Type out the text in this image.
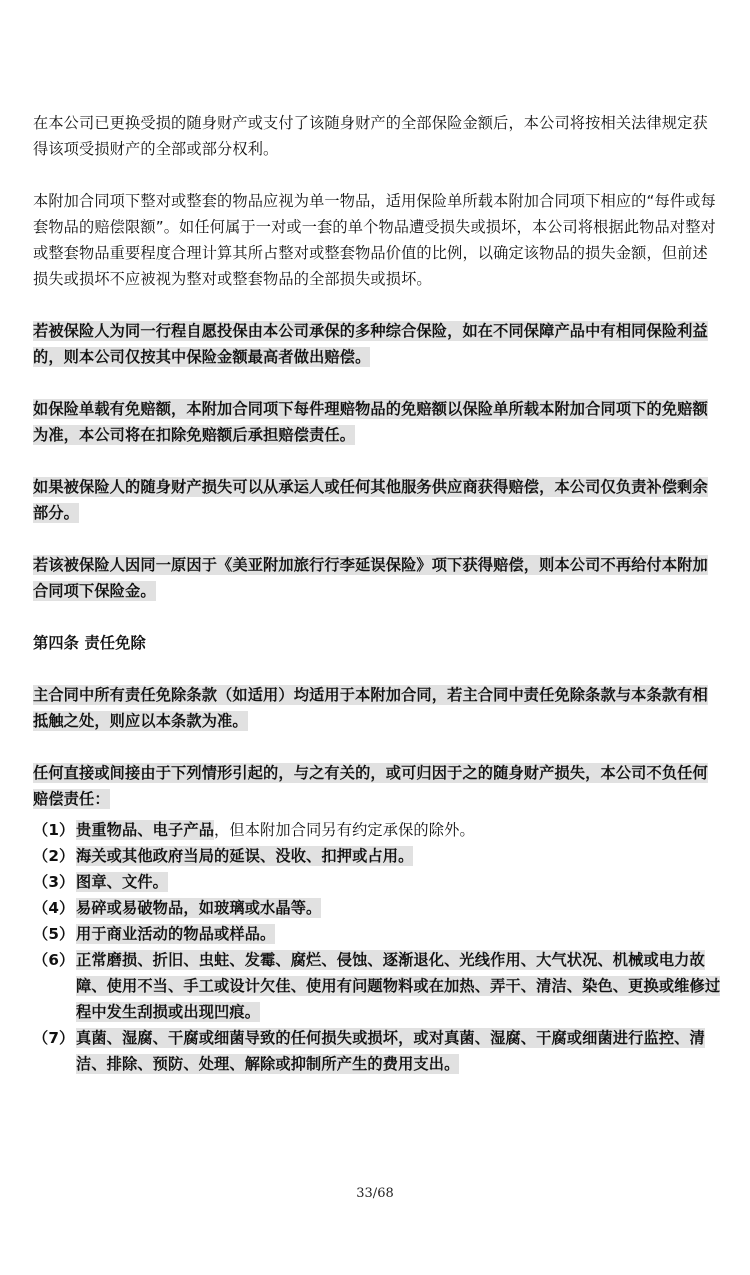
在本公司已更换受损的随身财产或支付了该随身财产的全部保险金额后，本公司将按相关法律规定获得该项受损财产的全部或部分权利。

本附加合同项下整对或整套的物品应视为单一物品，适用保险单所载本附加合同项下相应的“每件或每套物品的赔偿限额”。如任何属于一对或一套的单个物品遭受损失或损坏，本公司将根据此物品对整对或整套物品重要程度合理计算其所占整对或整套物品价值的比例，以确定该物品的损失金额，但前述损失或损坏不应被视为整对或整套物品的全部损失或损坏。

若被保险人为同一行程自愿投保由本公司承保的多种综合保险，如在不同保障产品中有相同保险利益的，则本公司仅按其中保险金额最高者做出赔偿。

如保险单载有免赔额，本附加合同项下每件理赔物品的免赔额以保险单所载本附加合同项下的免赔额为准，本公司将在扣除免赔额后承担赔偿责任。

如果被保险人的随身财产损失可以从承运人或任何其他服务供应商获得赔偿，本公司仅负责补偿剩余部分。

若该被保险人因同一原因于《美亚附加旅行行李延误保险》项下获得赔偿，则本公司不再给付本附加合同项下保险金。

第四条 责任免除

主合同中所有责任免除条款（如适用）均适用于本附加合同，若主合同中责任免除条款与本条款有相抵触之处，则应以本条款为准。

任何直接或间接由于下列情形引起的，与之有关的，或可归因于之的随身财产损失，本公司不负任何赔偿责任：

（1） 贵重物品、电子产品，但本附加合同另有约定承保的除外。
（2） 海关或其他政府当局的延误、没收、扣押或占用。
（3） 图章、文件。
（4） 易碎或易破物品，如玻璃或水晶等。
（5） 用于商业活动的物品或样品。
（6） 正常磨损、折旧、虫蛀、发霉、腐烂、侵蚀、逐渐退化、光线作用、大气状况、机械或电力故障、使用不当、手工或设计欠佳、使用有问题物料或在加热、弄干、清洁、染色、更换或维修过程中发生刮损或出现凹痕。
（7） 真菌、湿腐、干腐或细菌导致的任何损失或损坏，或对真菌、湿腐、干腐或细菌进行监控、清洁、排除、预防、处理、解除或抑制所产生的费用支出。
33/68
